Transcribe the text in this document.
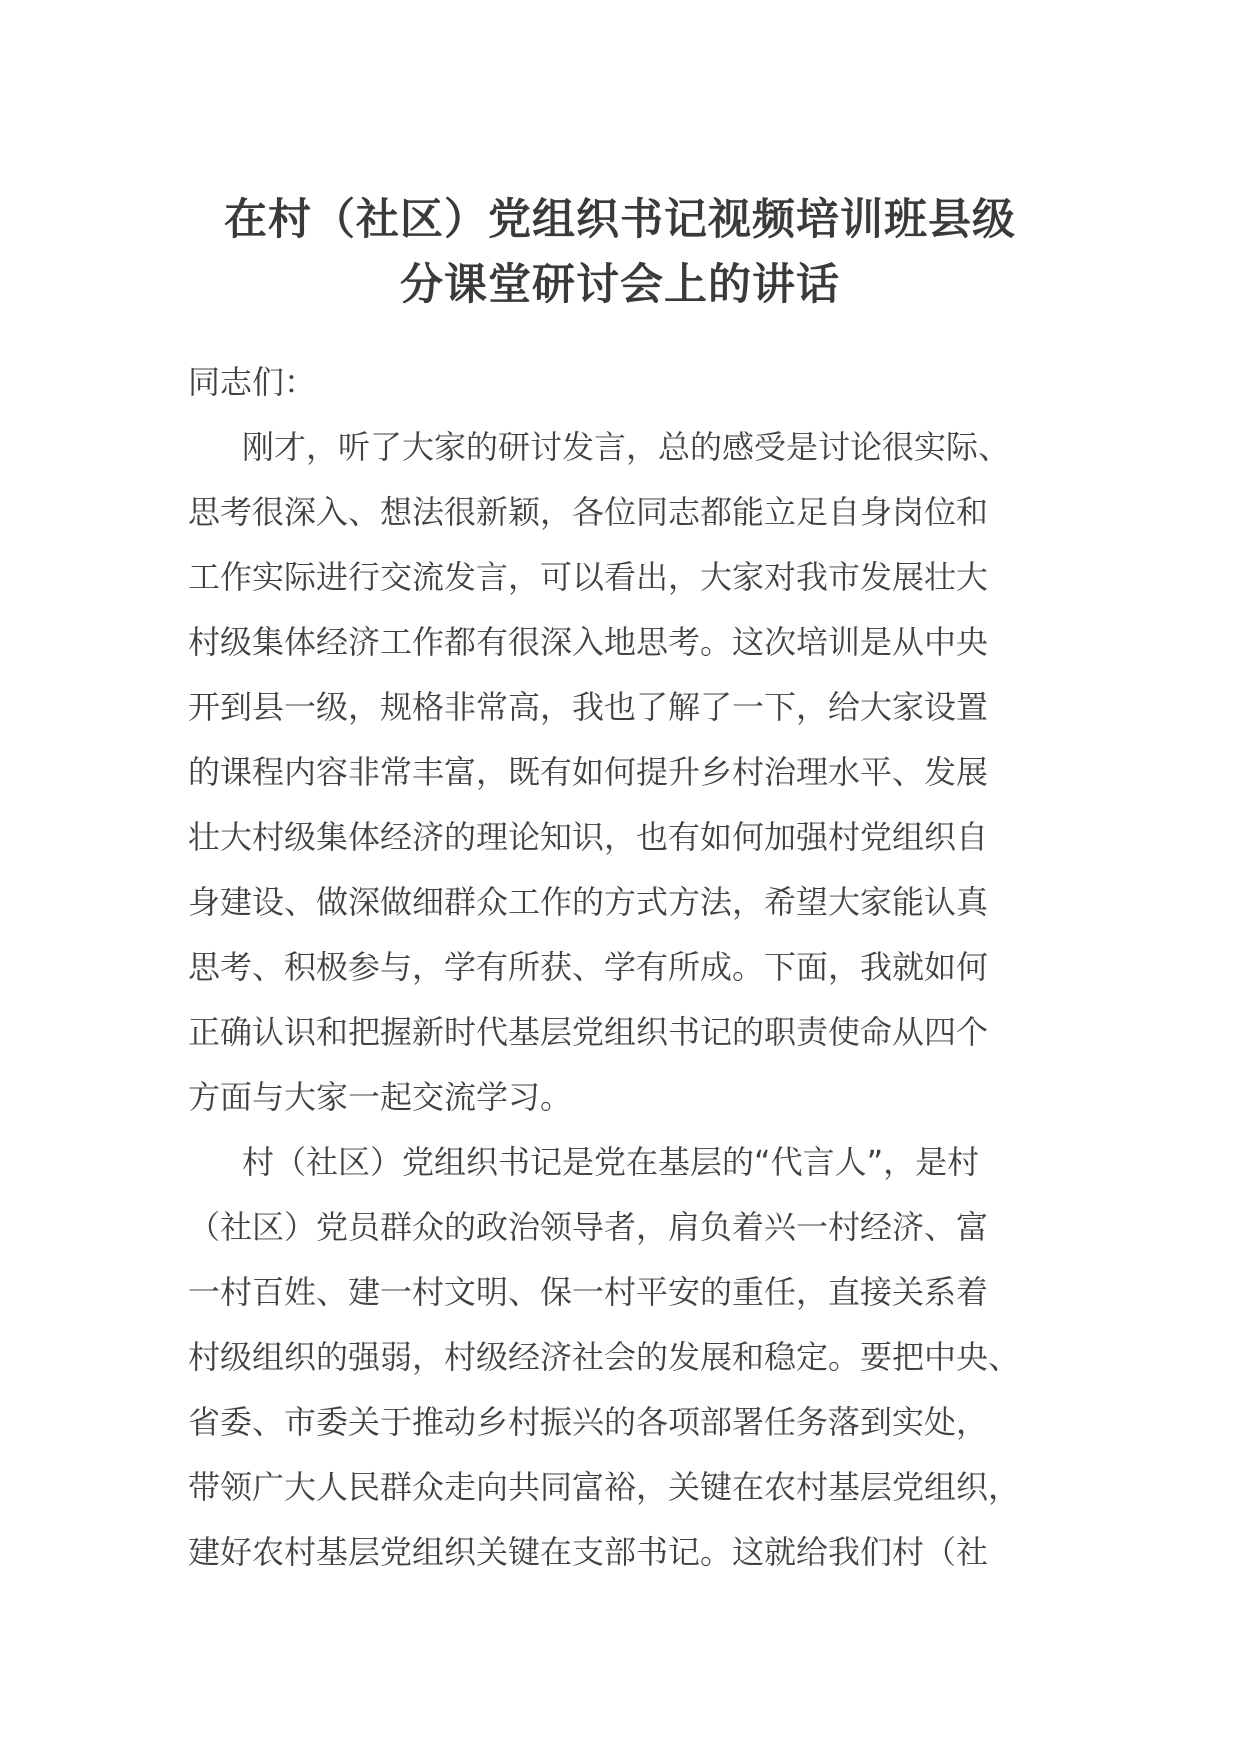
在村（社区）党组织书记视频培训班县级
分课堂研讨会上的讲话
同志们：
刚才，听了大家的研讨发言，总的感受是讨论很实际、
思考很深入、想法很新颖，各位同志都能立足自身岗位和
工作实际进行交流发言，可以看出，大家对我市发展壮大
村级集体经济工作都有很深入地思考。这次培训是从中央
开到县一级，规格非常高，我也了解了一下，给大家设置
的课程内容非常丰富，既有如何提升乡村治理水平、发展
壮大村级集体经济的理论知识，也有如何加强村党组织自
身建设、做深做细群众工作的方式方法，希望大家能认真
思考、积极参与，学有所获、学有所成。下面，我就如何
正确认识和把握新时代基层党组织书记的职责使命从四个
方面与大家一起交流学习。
村（社区）党组织书记是党在基层的“代言人”，是村
（社区）党员群众的政治领导者，肩负着兴一村经济、富
一村百姓、建一村文明、保一村平安的重任，直接关系着
村级组织的强弱，村级经济社会的发展和稳定。要把中央、
省委、市委关于推动乡村振兴的各项部署任务落到实处，
带领广大人民群众走向共同富裕，关键在农村基层党组织，
建好农村基层党组织关键在支部书记。这就给我们村（社
